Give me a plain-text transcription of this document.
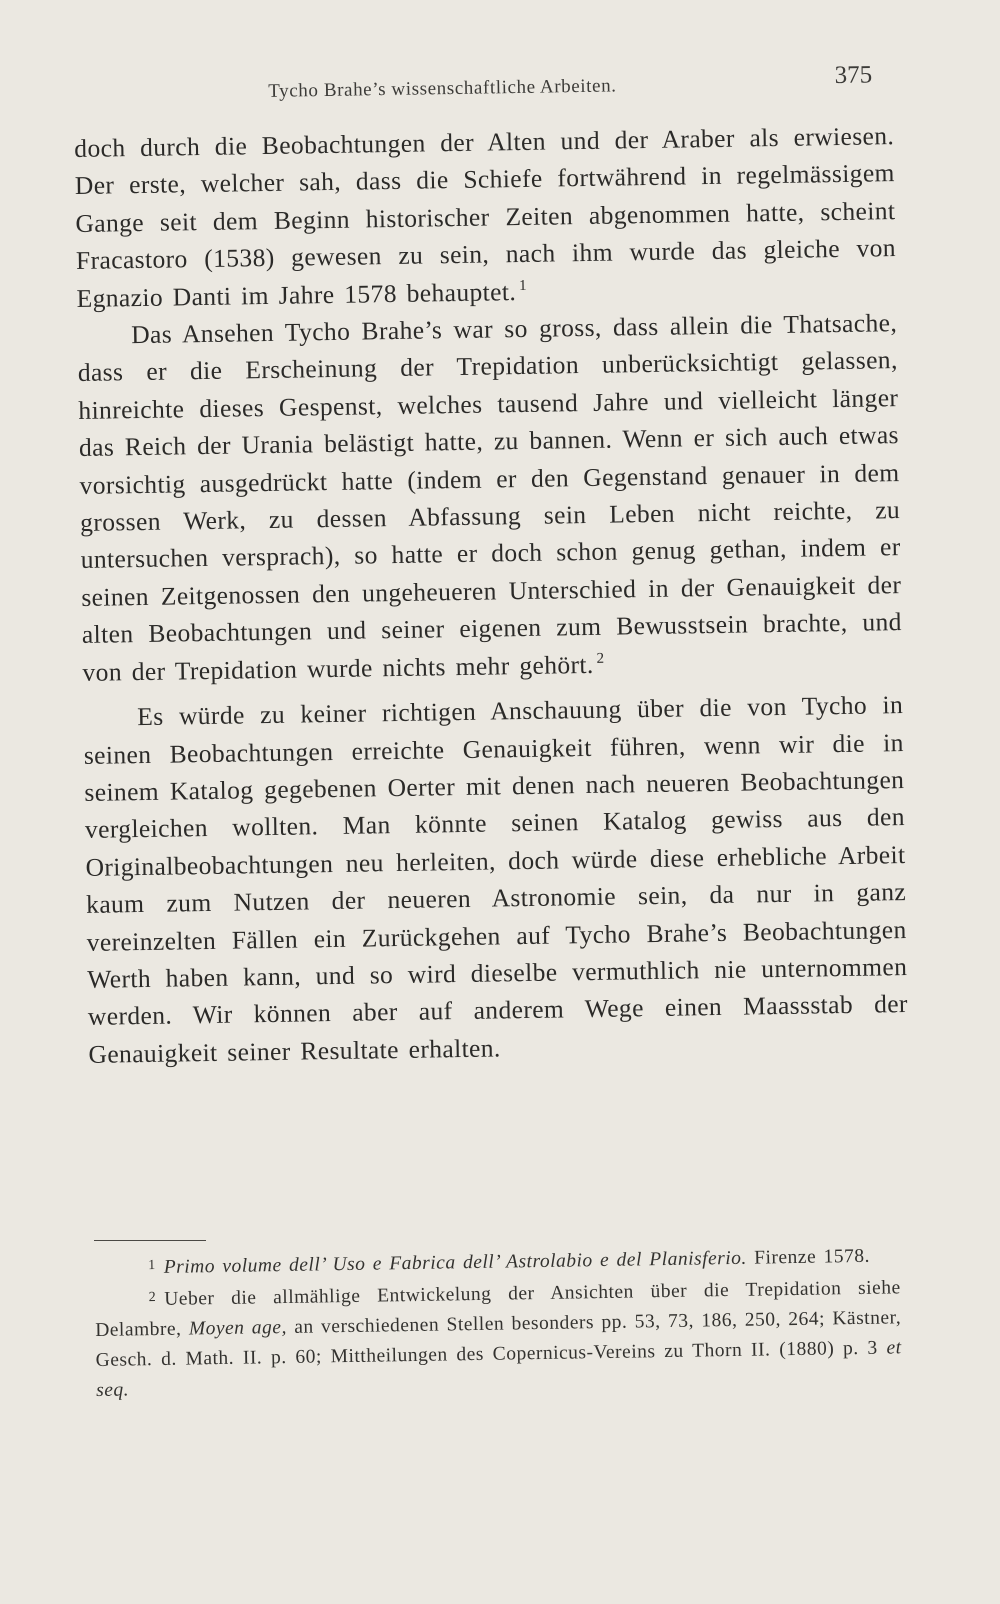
Tycho Brahe’s wissenschaftliche Arbeiten.	375

doch durch die Beobachtungen der Alten und der Araber als erwiesen. Der erste, welcher sah, dass die Schiefe fortwährend in regelmässigem Gange seit dem Beginn historischer Zeiten abgenommen hatte, scheint Fracastoro (1538) gewesen zu sein, nach ihm wurde das gleiche von Egnazio Danti im Jahre 1578 behauptet. $^1$

Das Ansehen Tycho Brahe’s war so gross, dass allein die Thatsache, dass er die Erscheinung der Trepidation unberücksichtigt gelassen, hinreichte dieses Gespenst, welches tausend Jahre und vielleicht länger das Reich der Urania belästigt hatte, zu bannen. Wenn er sich auch etwas vorsichtig ausgedrückt hatte (indem er den Gegenstand genauer in dem grossen Werk, zu dessen Abfassung sein Leben nicht reichte, zu untersuchen versprach), so hatte er doch schon genug gethan, indem er seinen Zeitgenossen den ungeheueren Unterschied in der Genauigkeit der alten Beobachtungen und seiner eigenen zum Bewusstsein brachte, und von der Trepidation wurde nichts mehr gehört. $^2$

Es würde zu keiner richtigen Anschauung über die von Tycho in seinen Beobachtungen erreichte Genauigkeit führen, wenn wir die in seinem Katalog gegebenen Oerter mit denen nach neueren Beobachtungen vergleichen wollten. Man könnte seinen Katalog gewiss aus den Originalbeobachtungen neu herleiten, doch würde diese erhebliche Arbeit kaum zum Nutzen der neueren Astronomie sein, da nur in ganz vereinzelten Fällen ein Zurückgehen auf Tycho Brahe’s Beobachtungen Werth haben kann, und so wird dieselbe vermuthlich nie unternommen werden. Wir können aber auf anderem Wege einen Maassstab der Genauigkeit seiner Resultate erhalten.

1 Primo volume dell’ Uso e Fabrica dell’ Astrolabio e del Planisferio. Firenze 1578.

2 Ueber die allmählige Entwickelung der Ansichten über die Trepidation siehe Delambre, Moyen age, an verschiedenen Stellen besonders pp. 53, 73, 186, 250, 264; Kästner, Gesch. d. Math. II. p. 60; Mittheilungen des Copernicus-Vereins zu Thorn II. (1880) p. 3 et seq.
